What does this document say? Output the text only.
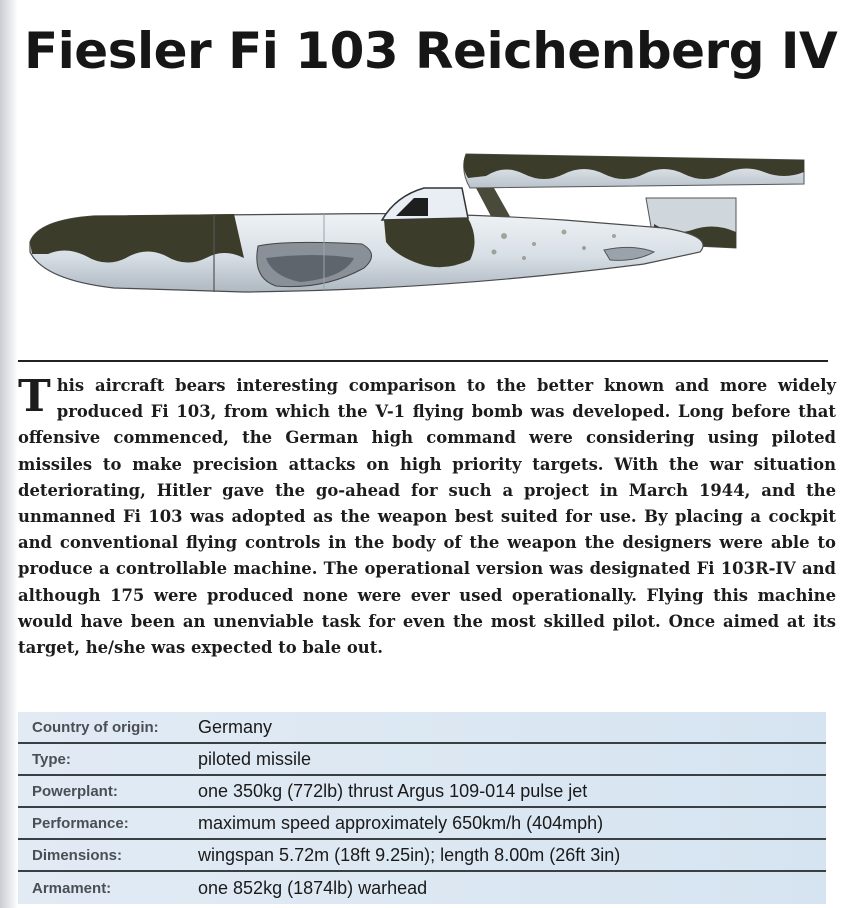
Fiesler Fi 103 Reichenberg IV

This aircraft bears interesting comparison to the better known and more widely produced Fi 103, from which the V-1 flying bomb was developed. Long before that offensive commenced, the German high command were considering using piloted missiles to make precision attacks on high priority targets. With the war situation deteriorating, Hitler gave the go-ahead for such a project in March 1944, and the unmanned Fi 103 was adopted as the weapon best suited for use. By placing a cockpit and conventional flying controls in the body of the weapon the designers were able to produce a controllable machine. The operational version was designated Fi 103R-IV and although 175 were produced none were ever used operationally. Flying this machine would have been an unenviable task for even the most skilled pilot. Once aimed at its target, he/she was expected to bale out.

Country of origin:	Germany
Type:	piloted missile
Powerplant:	one 350kg (772lb) thrust Argus 109-014 pulse jet
Performance:	maximum speed approximately 650km/h (404mph)
Dimensions:	wingspan 5.72m (18ft 9.25in); length 8.00m (26ft 3in)
Armament:	one 852kg (1874lb) warhead
